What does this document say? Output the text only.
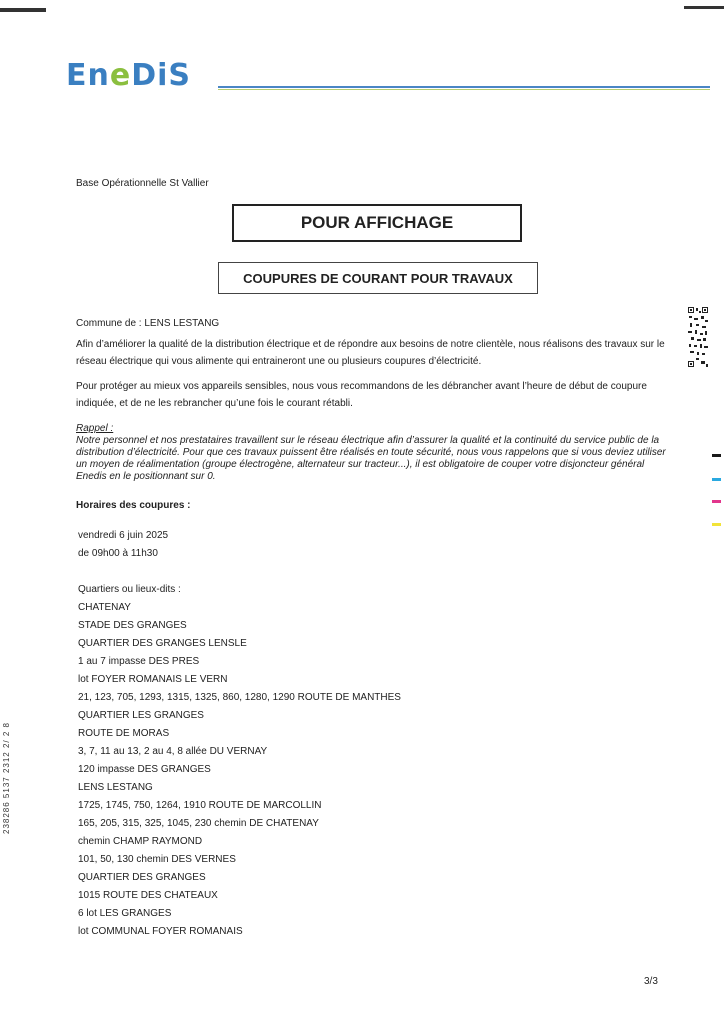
EneDiS
Base Opérationnelle St Vallier
POUR AFFICHAGE
COUPURES DE COURANT POUR TRAVAUX
Commune de : LENS LESTANG
Afin d’améliorer la qualité de la distribution électrique et de répondre aux besoins de notre clientèle, nous réalisons des travaux sur le réseau électrique qui vous alimente qui entraineront une ou plusieurs coupures d’électricité.
Pour protéger au mieux vos appareils sensibles, nous vous recommandons de les débrancher avant l’heure de début de coupure indiquée, et de ne les rebrancher qu’une fois le courant rétabli.
Rappel :
Notre personnel et nos prestataires travaillent sur le réseau électrique afin d’assurer la qualité et la continuité du service public de la distribution d’électricité. Pour que ces travaux puissent être réalisés en toute sécurité, nous vous rappelons que si vous deviez utiliser un moyen de réalimentation (groupe électrogène, alternateur sur tracteur...), il est obligatoire de couper votre disjoncteur général Enedis en le positionnant sur 0.
Horaires des coupures :
vendredi 6 juin 2025
de 09h00 à 11h30
Quartiers ou lieux-dits :
CHATENAY
STADE DES GRANGES
QUARTIER DES GRANGES LENSLE
1 au 7 impasse DES PRES
lot FOYER ROMANAIS LE VERN
21, 123, 705, 1293, 1315, 1325, 860, 1280, 1290 ROUTE DE MANTHES
QUARTIER LES GRANGES
ROUTE DE MORAS
3, 7, 11 au 13, 2 au 4, 8 allée DU VERNAY
120 impasse DES GRANGES
LENS LESTANG
1725, 1745, 750, 1264, 1910 ROUTE DE MARCOLLIN
165, 205, 315, 325, 1045, 230 chemin DE CHATENAY
chemin CHAMP RAYMOND
101, 50, 130 chemin DES VERNES
QUARTIER DES GRANGES
1015 ROUTE DES CHATEAUX
6 lot LES GRANGES
lot COMMUNAL FOYER ROMANAIS
238286 5137 2312 2/ 2 8
3/3
